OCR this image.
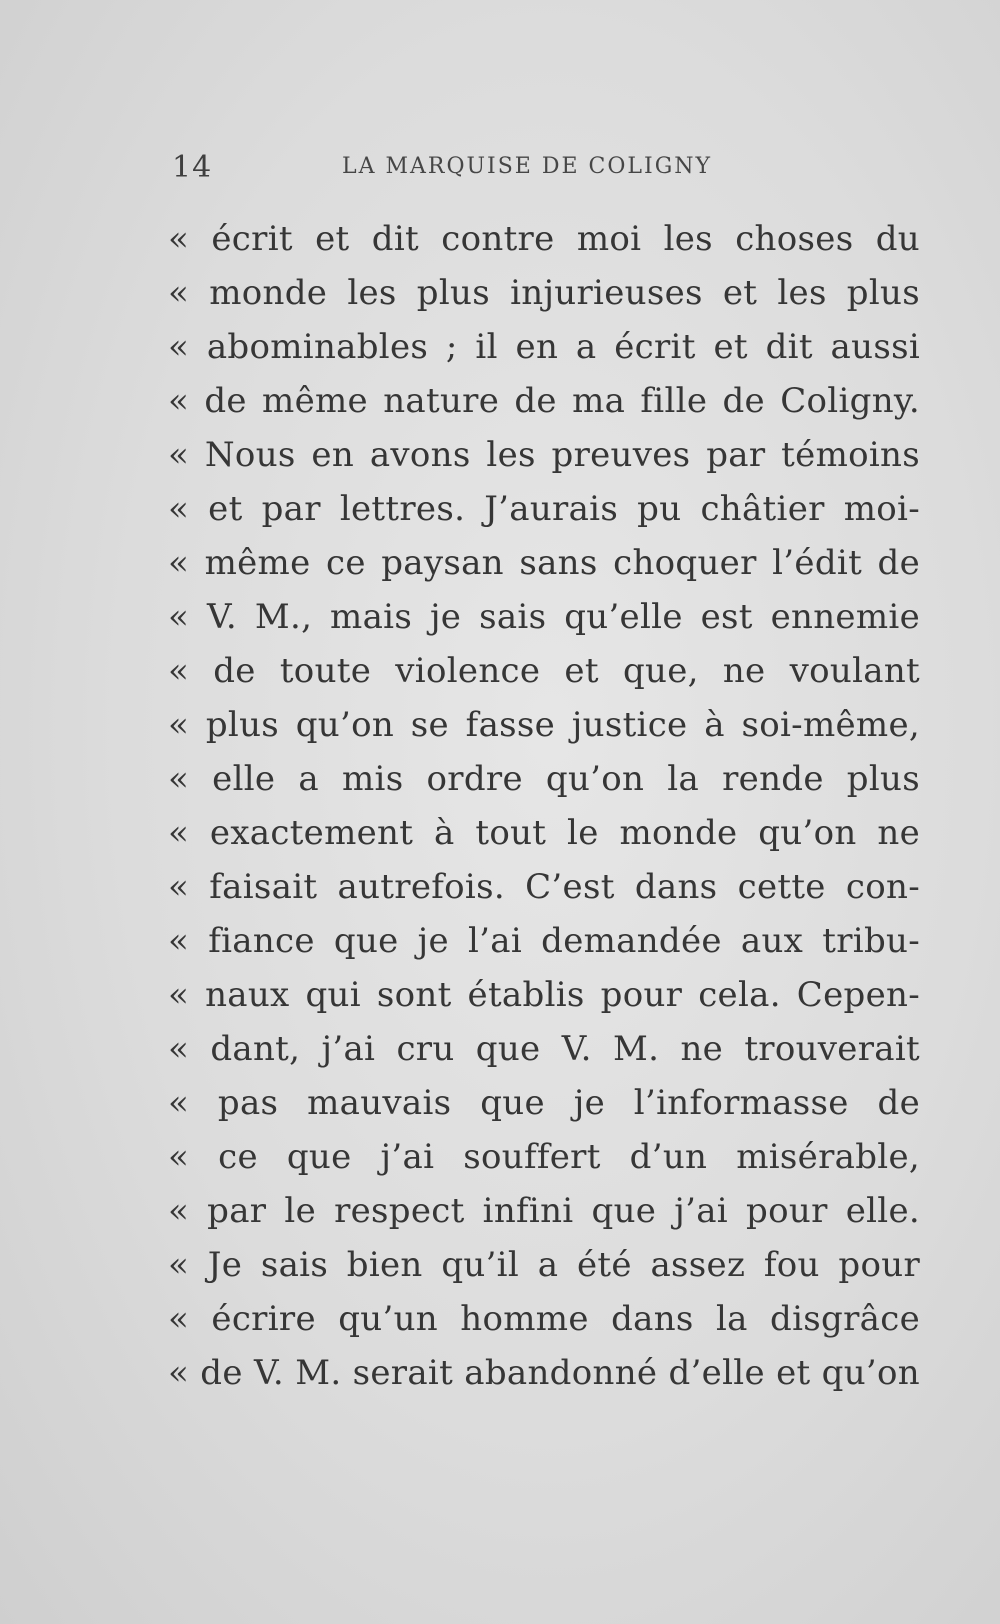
14	LA MARQUISE DE COLIGNY
« écrit et dit contre moi les choses du
« monde les plus injurieuses et les plus
« abominables ; il en a écrit et dit aussi
« de même nature de ma fille de Coligny.
« Nous en avons les preuves par témoins
« et par lettres. J’aurais pu châtier moi-
« même ce paysan sans choquer l’édit de
« V. M., mais je sais qu’elle est ennemie
« de toute violence et que, ne voulant
« plus qu’on se fasse justice à soi-même,
« elle a mis ordre qu’on la rende plus
« exactement à tout le monde qu’on ne
« faisait autrefois. C’est dans cette con-
« fiance que je l’ai demandée aux tribu-
« naux qui sont établis pour cela. Cepen-
« dant, j’ai cru que V. M. ne trouverait
« pas mauvais que je l’informasse de
« ce que j’ai souffert d’un misérable,
« par le respect infini que j’ai pour elle.
« Je sais bien qu’il a été assez fou pour
« écrire qu’un homme dans la disgrâce
« de V. M. serait abandonné d’elle et qu’on
